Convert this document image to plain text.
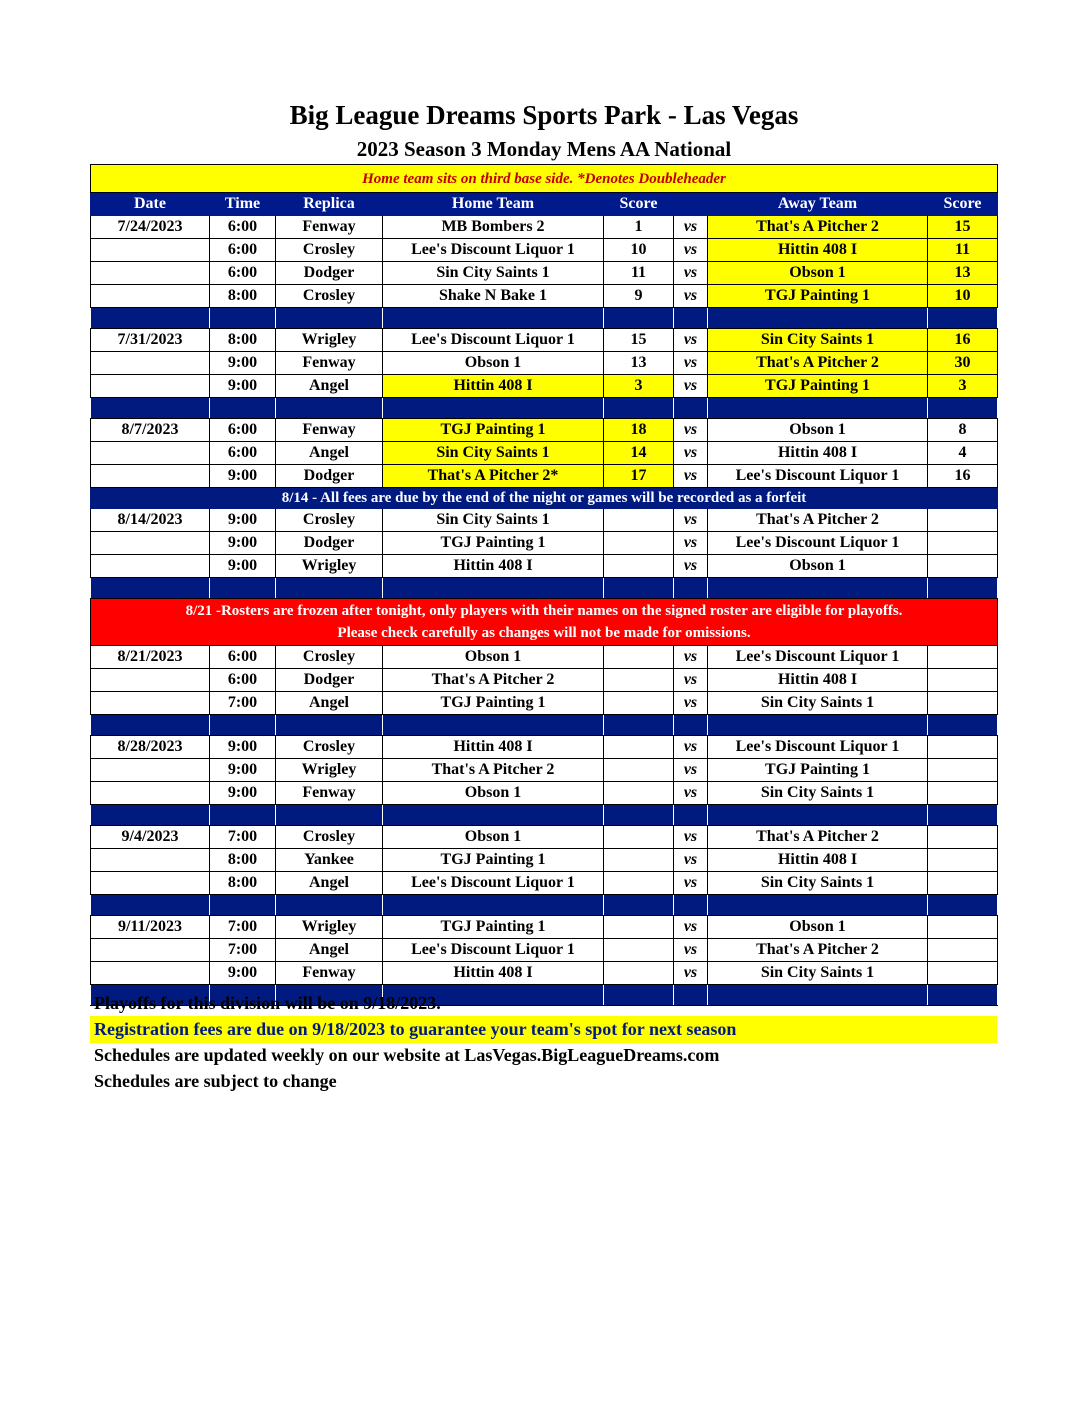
Big League Dreams Sports Park - Las Vegas
2023 Season 3 Monday Mens AA National
Home team sits on third base side. *Denotes Doubleheader							
Date	Time	Replica	Home Team	Score		Away Team	Score
7/24/2023	6:00	Fenway	MB Bombers 2	1	vs	That's A Pitcher 2	15
	6:00	Crosley	Lee's Discount Liquor 1	10	vs	Hittin 408 I	11
	6:00	Dodger	Sin City Saints 1	11	vs	Obson 1	13
	8:00	Crosley	Shake N Bake 1	9	vs	TGJ Painting 1	10

7/31/2023	8:00	Wrigley	Lee's Discount Liquor 1	15	vs	Sin City Saints 1	16
	9:00	Fenway	Obson 1	13	vs	That's A Pitcher 2	30
	9:00	Angel	Hittin 408 I	3	vs	TGJ Painting 1	3

8/7/2023	6:00	Fenway	TGJ Painting 1	18	vs	Obson 1	8
	6:00	Angel	Sin City Saints 1	14	vs	Hittin 408 I	4
	9:00	Dodger	That's A Pitcher 2*	17	vs	Lee's Discount Liquor 1	16
8/14 - All fees are due by the end of the night or games will be recorded as a forfeit							
8/14/2023	9:00	Crosley	Sin City Saints 1		vs	That's A Pitcher 2	
	9:00	Dodger	TGJ Painting 1		vs	Lee's Discount Liquor 1	
	9:00	Wrigley	Hittin 408 I		vs	Obson 1	

8/21 -Rosters are frozen after tonight, only players with their names on the signed roster are eligible for playoffs.
Please check carefully as changes will not be made for omissions.							

8/21/2023	6:00	Crosley	Obson 1		vs	Lee's Discount Liquor 1	
	6:00	Dodger	That's A Pitcher 2		vs	Hittin 408 I	
	7:00	Angel	TGJ Painting 1		vs	Sin City Saints 1	

8/28/2023	9:00	Crosley	Hittin 408 I		vs	Lee's Discount Liquor 1	
	9:00	Wrigley	That's A Pitcher 2		vs	TGJ Painting 1	
	9:00	Fenway	Obson 1		vs	Sin City Saints 1	

9/4/2023	7:00	Crosley	Obson 1		vs	That's A Pitcher 2	
	8:00	Yankee	TGJ Painting 1		vs	Hittin 408 I	
	8:00	Angel	Lee's Discount Liquor 1		vs	Sin City Saints 1	

9/11/2023	7:00	Wrigley	TGJ Painting 1		vs	Obson 1	
	7:00	Angel	Lee's Discount Liquor 1		vs	That's A Pitcher 2	
	9:00	Fenway	Hittin 408 I		vs	Sin City Saints 1	

Playoffs for this division will be on 9/18/2023.
Registration fees are due on 9/18/2023 to guarantee your team's spot for next season
Schedules are updated weekly on our website at LasVegas.BigLeagueDreams.com
Schedules are subject to change
